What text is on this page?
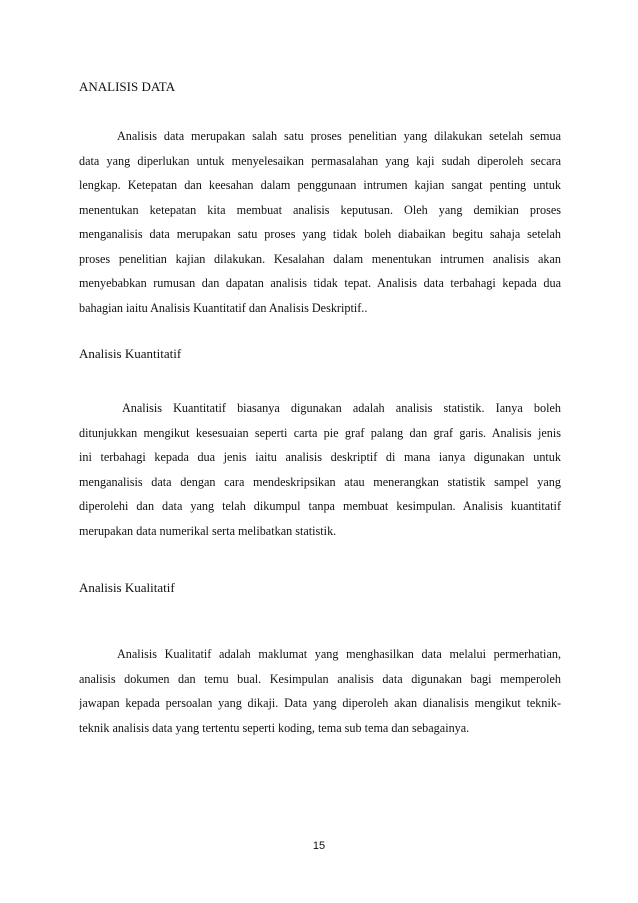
ANALISIS DATA
Analisis data merupakan salah satu proses penelitian yang dilakukan setelah semua
data yang diperlukan untuk menyelesaikan permasalahan yang kaji sudah diperoleh secara
lengkap. Ketepatan dan keesahan dalam penggunaan intrumen kajian sangat penting untuk
menentukan ketepatan kita membuat analisis keputusan. Oleh yang demikian proses
menganalisis data merupakan satu proses yang tidak boleh diabaikan begitu sahaja setelah
proses penelitian kajian dilakukan. Kesalahan dalam menentukan intrumen analisis akan
menyebabkan rumusan dan dapatan analisis tidak tepat. Analisis data terbahagi kepada dua
bahagian iaitu Analisis Kuantitatif dan Analisis Deskriptif..
Analisis Kuantitatif
Analisis Kuantitatif biasanya digunakan adalah analisis statistik. Ianya boleh
ditunjukkan mengikut kesesuaian seperti carta pie graf palang dan graf garis. Analisis jenis
ini terbahagi kepada dua jenis iaitu analisis deskriptif di mana ianya digunakan untuk
menganalisis data dengan cara mendeskripsikan atau menerangkan statistik sampel yang
diperolehi dan data yang telah dikumpul tanpa membuat kesimpulan. Analisis kuantitatif
merupakan data numerikal serta melibatkan statistik.
Analisis Kualitatif
Analisis Kualitatif adalah maklumat yang menghasilkan data melalui permerhatian,
analisis dokumen dan temu bual. Kesimpulan analisis data digunakan bagi memperoleh
jawapan kepada persoalan yang dikaji. Data yang diperoleh akan dianalisis mengikut teknik-
teknik analisis data yang tertentu seperti koding, tema sub tema dan sebagainya.
15
